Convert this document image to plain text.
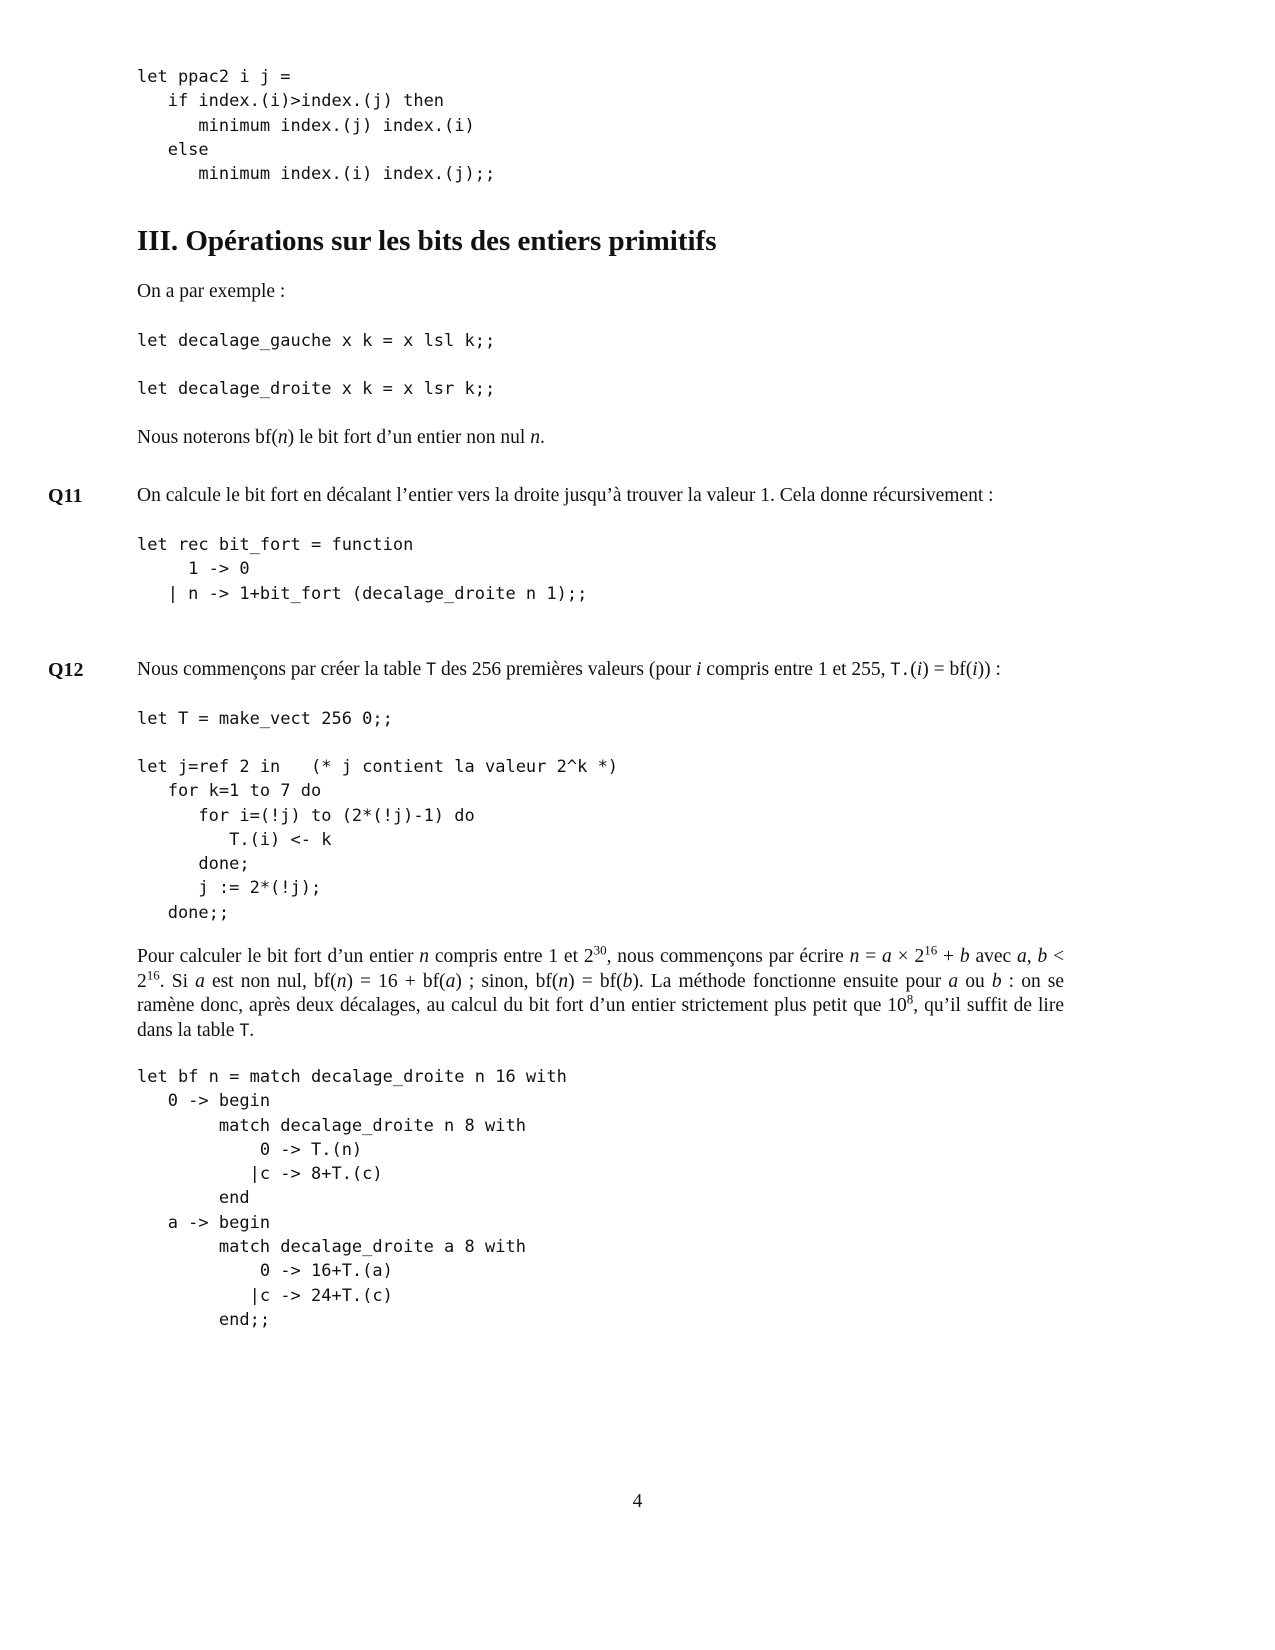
let ppac2 i j =
if index.(i)>index.(j) then
minimum index.(j) index.(i)
else
minimum index.(i) index.(j);;
III. Opérations sur les bits des entiers primitifs

On a par exemple :

let decalage_gauche x k = x lsl k;;
let decalage_droite x k = x lsr k;;

Nous noterons bf(n) le bit fort d’un entier non nul n.

Q11	On calcule le bit fort en décalant l’entier vers la droite jusqu’à trouver la valeur 1. Cela donne récursivement :

let rec bit_fort = function
1 -> 0
| n -> 1+bit_fort (decalage_droite n 1);;
Q12	Nous commençons par créer la table T des 256 premières valeurs (pour i compris entre 1 et 255, T.(i) = bf(i)) :

let T = make_vect 256 0;;
let j=ref 2 in   (* j contient la valeur 2^k *)
for k=1 to 7 do
for i=(!j) to (2*(!j)-1) do
T.(i) <- k
done;
j := 2*(!j);
done;;

Pour calculer le bit fort d’un entier n compris entre 1 et $2^{30}$, nous commençons par écrire $n = a \times 2^{16} + b$ avec a, $b < 2^{16}$. Si a est non nul, bf(n) = 16 + bf(a) ; sinon, bf(n) = bf(b). La méthode fonctionne ensuite pour a ou b : on se ramène donc, après deux décalages, au calcul du bit fort d’un entier strictement plus petit que $10^8$, qu’il suffit de lire dans la table T.

let bf n = match decalage_droite n 16 with
0 -> begin
match decalage_droite n 8 with
0 -> T.(n)
|c -> 8+T.(c)
end
a -> begin
match decalage_droite a 8 with
0 -> 16+T.(a)
|c -> 24+T.(c)
end;;
4
